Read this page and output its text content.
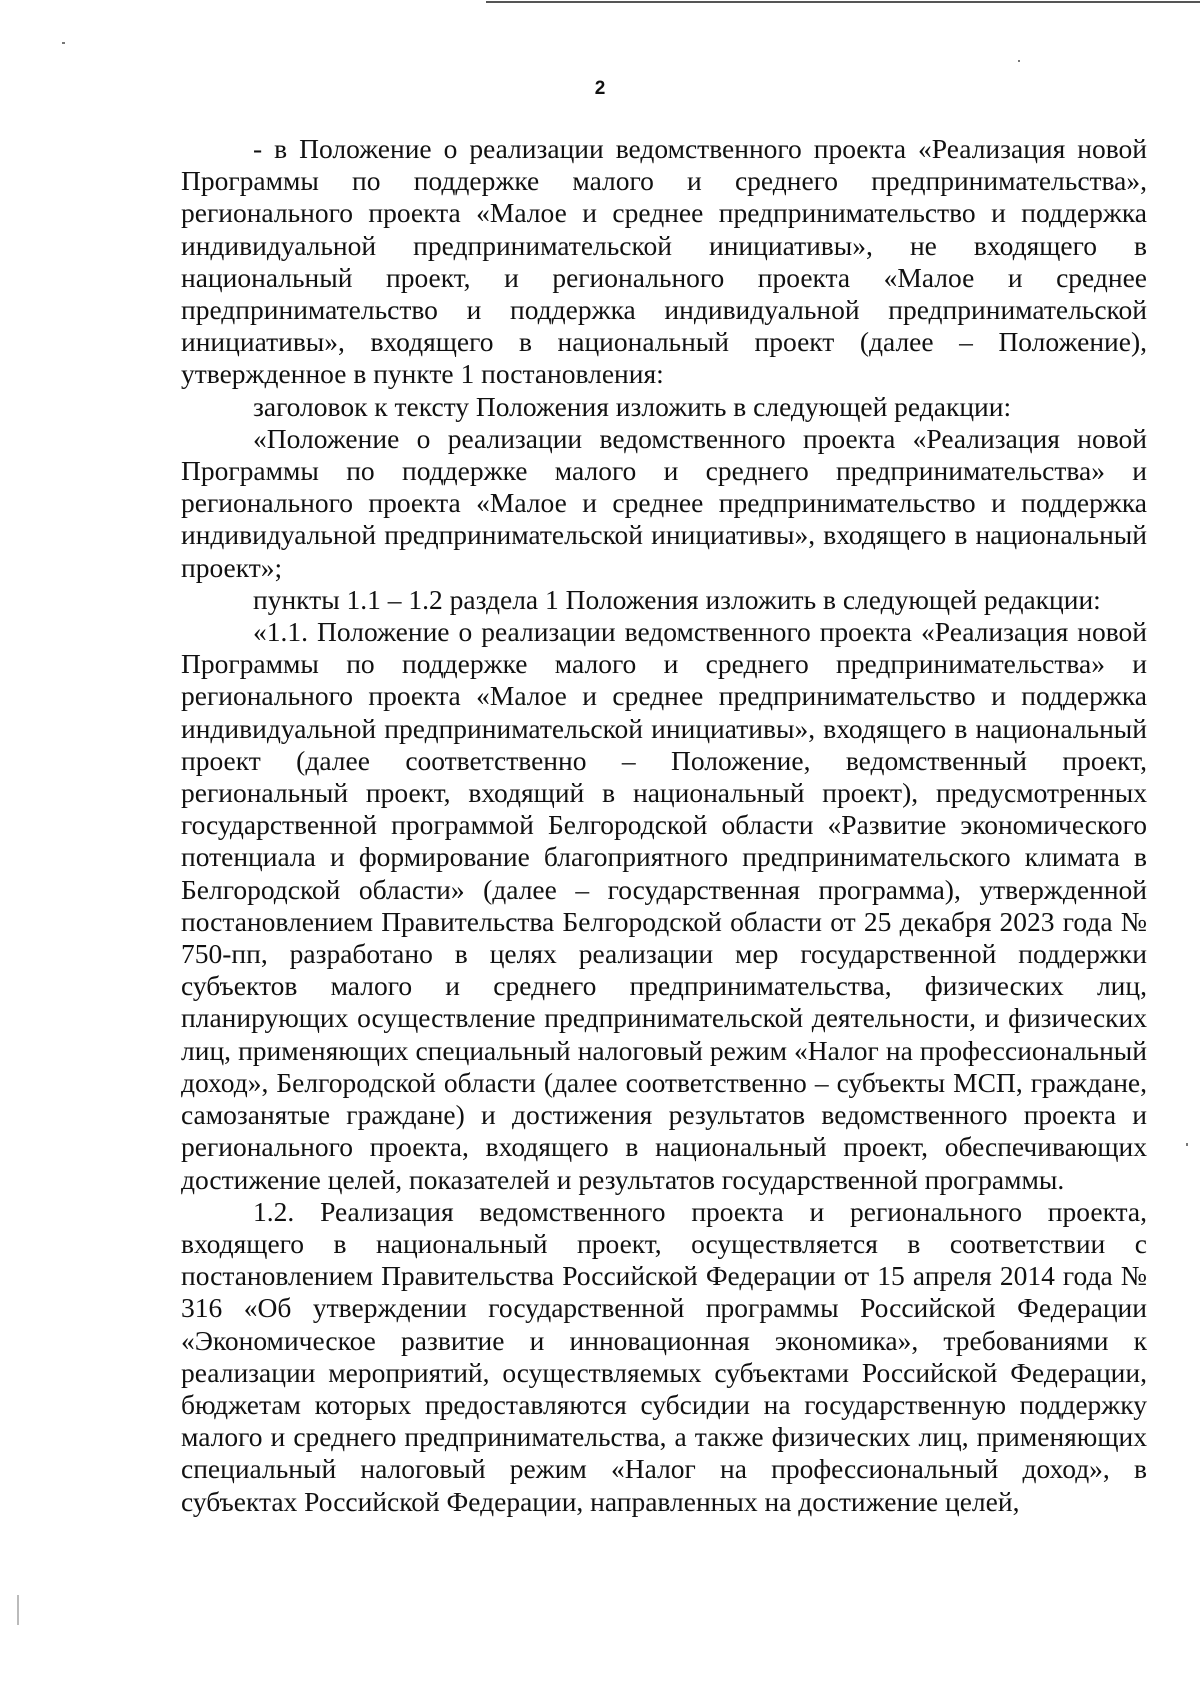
2

- в Положение о реализации ведомственного проекта «Реализация новой Программы по поддержке малого и среднего предпринимательства», регионального проекта «Малое и среднее предпринимательство и поддержка индивидуальной предпринимательской инициативы», не входящего в национальный проект, и регионального проекта «Малое и среднее предпринимательство и поддержка индивидуальной предпринимательской инициативы», входящего в национальный проект (далее – Положение), утвержденное в пункте 1 постановления:

заголовок к тексту Положения изложить в следующей редакции:

«Положение о реализации ведомственного проекта «Реализация новой Программы по поддержке малого и среднего предпринимательства» и регионального проекта «Малое и среднее предпринимательство и поддержка индивидуальной предпринимательской инициативы», входящего в национальный проект»;

пункты 1.1 – 1.2 раздела 1 Положения изложить в следующей редакции:

«1.1. Положение о реализации ведомственного проекта «Реализация новой Программы по поддержке малого и среднего предпринимательства» и регионального проекта «Малое и среднее предпринимательство и поддержка индивидуальной предпринимательской инициативы», входящего в национальный проект (далее соответственно – Положение, ведомственный проект, региональный проект, входящий в национальный проект), предусмотренных государственной программой Белгородской области «Развитие экономического потенциала и формирование благоприятного предпринимательского климата в Белгородской области» (далее – государственная программа), утвержденной постановлением Правительства Белгородской области от 25 декабря 2023 года № 750-пп, разработано в целях реализации мер государственной поддержки субъектов малого и среднего предпринимательства, физических лиц, планирующих осуществление предпринимательской деятельности, и физических лиц, применяющих специальный налоговый режим «Налог на профессиональный доход», Белгородской области (далее соответственно – субъекты МСП, граждане, самозанятые граждане) и достижения результатов ведомственного проекта и регионального проекта, входящего в национальный проект, обеспечивающих достижение целей, показателей и результатов государственной программы.

1.2. Реализация ведомственного проекта и регионального проекта, входящего в национальный проект, осуществляется в соответствии с постановлением Правительства Российской Федерации от 15 апреля 2014 года № 316 «Об утверждении государственной программы Российской Федерации «Экономическое развитие и инновационная экономика», требованиями к реализации мероприятий, осуществляемых субъектами Российской Федерации, бюджетам которых предоставляются субсидии на государственную поддержку малого и среднего предпринимательства, а также физических лиц, применяющих специальный налоговый режим «Налог на профессиональный доход», в субъектах Российской Федерации, направленных на достижение целей,
